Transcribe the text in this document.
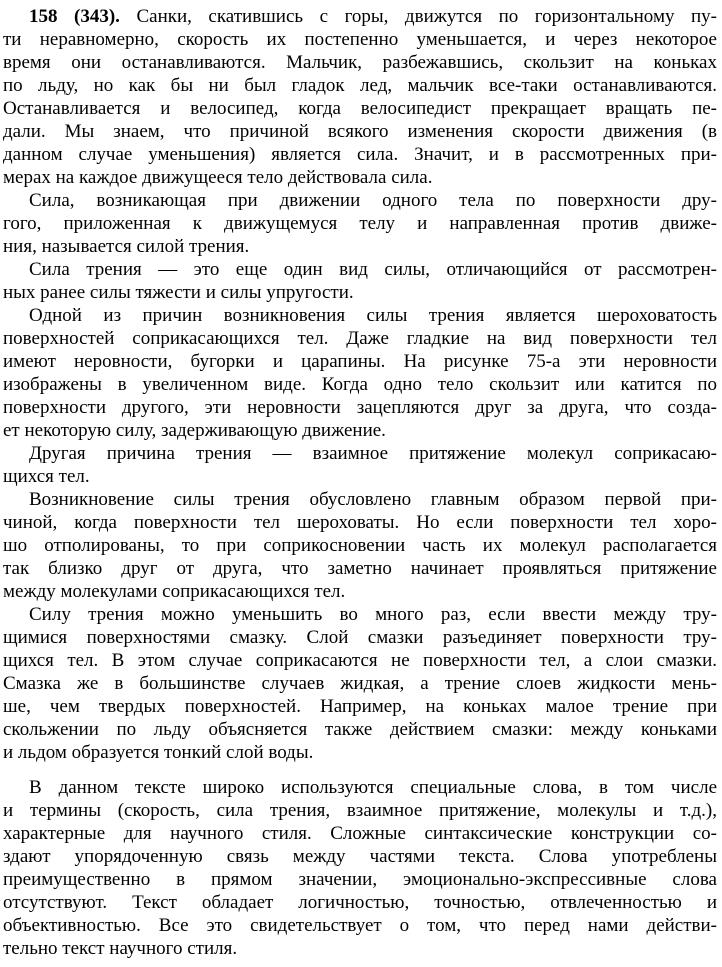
158 (343). Санки, скатившись с горы, движутся по горизонтальному пу-
ти неравномерно, скорость их постепенно уменьшается, и через некоторое
время они останавливаются. Мальчик, разбежавшись, скользит на коньках
по льду, но как бы ни был гладок лед, мальчик все-таки останавливаются.
Останавливается и велосипед, когда велосипедист прекращает вращать пе-
дали. Мы знаем, что причиной всякого изменения скорости движения (в
данном случае уменьшения) является сила. Значит, и в рассмотренных при-
мерах на каждое движущееся тело действовала сила.
Сила, возникающая при движении одного тела по поверхности дру-
гого, приложенная к движущемуся телу и направленная против движе-
ния, называется силой трения.
Сила трения — это еще один вид силы, отличающийся от рассмотрен-
ных ранее силы тяжести и силы упругости.
Одной из причин возникновения силы трения является шероховатость
поверхностей соприкасающихся тел. Даже гладкие на вид поверхности тел
имеют неровности, бугорки и царапины. На рисунке 75-а эти неровности
изображены в увеличенном виде. Когда одно тело скользит или катится по
поверхности другого, эти неровности зацепляются друг за друга, что созда-
ет некоторую силу, задерживающую движение.
Другая причина трения — взаимное притяжение молекул соприкасаю-
щихся тел.
Возникновение силы трения обусловлено главным образом первой при-
чиной, когда поверхности тел шероховаты. Но если поверхности тел хоро-
шо отполированы, то при соприкосновении часть их молекул располагается
так близко друг от друга, что заметно начинает проявляться притяжение
между молекулами соприкасающихся тел.
Силу трения можно уменьшить во много раз, если ввести между тру-
щимися поверхностями смазку. Слой смазки разъединяет поверхности тру-
щихся тел. В этом случае соприкасаются не поверхности тел, а слои смазки.
Смазка же в большинстве случаев жидкая, а трение слоев жидкости мень-
ше, чем твердых поверхностей. Например, на коньках малое трение при
скольжении по льду объясняется также действием смазки: между коньками
и льдом образуется тонкий слой воды.
В данном тексте широко используются специальные слова, в том числе
и термины (скорость, сила трения, взаимное притяжение, молекулы и т.д.),
характерные для научного стиля. Сложные синтаксические конструкции со-
здают упорядоченную связь между частями текста. Слова употреблены
преимущественно в прямом значении, эмоционально-экспрессивные слова
отсутствуют. Текст обладает логичностью, точностью, отвлеченностью и
объективностью. Все это свидетельствует о том, что перед нами действи-
тельно текст научного стиля.
